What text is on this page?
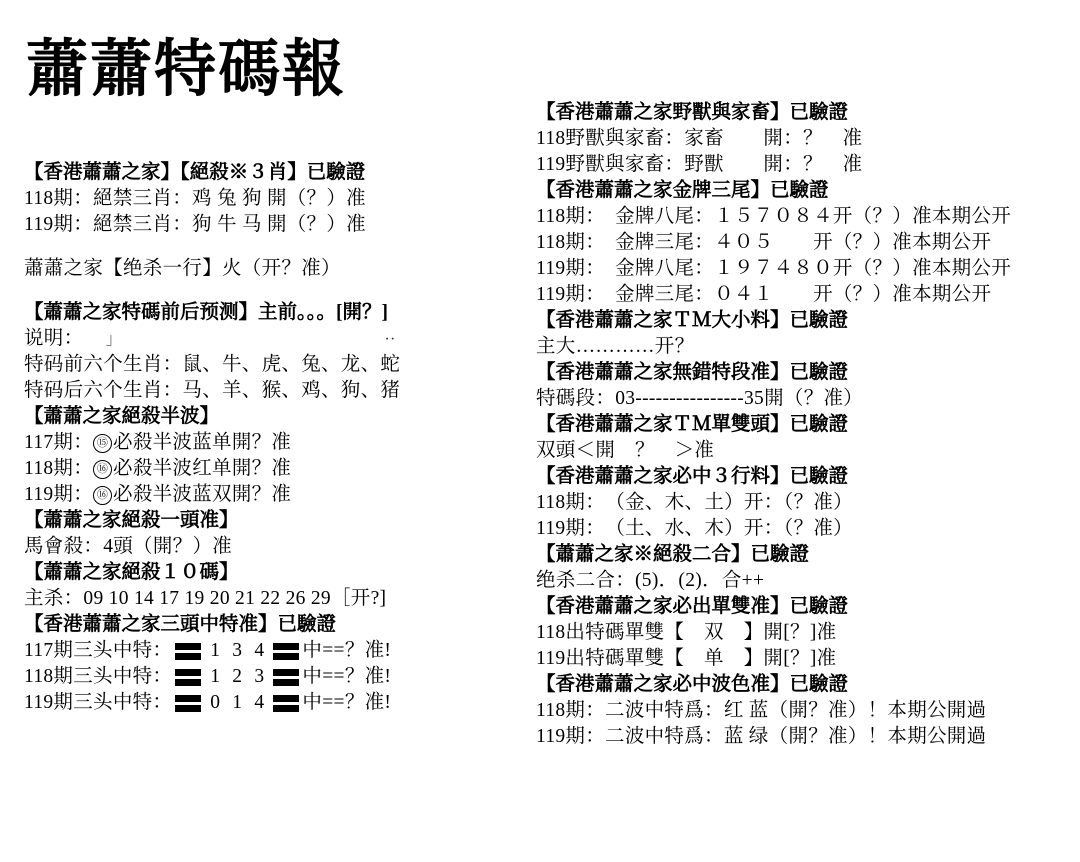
蕭蕭特碼報
【香港蕭蕭之家】【絕殺※３肖】已驗證
118期：絕禁三肖：鸡 兔 狗 開（？）准
119期：絕禁三肖：狗 牛 马 開（？）准
蕭蕭之家【绝杀一行】火（开？准）
【蕭蕭之家特碼前后预测】主前。。。[開？]
说明：     」                                                             ··
特码前六个生肖：鼠、牛、虎、兔、龙、蛇
特码后六个生肖：马、羊、猴、鸡、狗、猪
【蕭蕭之家絕殺半波】
117期： ⑮ 必殺半波蓝单開？准
118期： ⑯ 必殺半波红单開？准
119期： ⑯ 必殺半波蓝双開？准
【蕭蕭之家絕殺一頭准】
馬會殺：4頭（開？）准
【蕭蕭之家絕殺１０碼】
主杀：09 10 14 17 19 20 21 22 26 29［开?]
【香港蕭蕭之家三頭中特准】已驗證
117期三头中特： 1 3 4 中==？准!
118期三头中特： 1 2 3 中==？准!
119期三头中特： 0 1 4 中==？准!
【香港蕭蕭之家野獸與家畜】已驗證
118野獸與家畜：家畜　　開：？　准
119野獸與家畜：野獸　　開：？　准
【香港蕭蕭之家金牌三尾】已驗證
118期：　金牌八尾：１５７０８４开（？）准本期公开
118期：　金牌三尾：４０５　　开（？）准本期公开
119期：　金牌八尾：１９７４８０开（？）准本期公开
119期：　金牌三尾：０４１　　开（？）准本期公开
【香港蕭蕭之家ＴＭ大小料】已驗證
主大…………开？
【香港蕭蕭之家無錯特段准】已驗證
特碼段：03----------------35開（？准）
【香港蕭蕭之家ＴＭ單雙頭】已驗證
双頭＜開　？　＞准
【香港蕭蕭之家必中３行料】已驗證
118期：　（金、木、土）开：（？准）
119期：　（土、水、木）开：（？准）
【蕭蕭之家※絕殺二合】已驗證
绝杀二合：(5)．(2)．合++
【香港蕭蕭之家必出單雙准】已驗證
118出特碼單雙【　双　】開[？]准
119出特碼單雙【　单　】開[？]准
【香港蕭蕭之家必中波色准】已驗證
118期：二波中特爲：红 蓝（開？准）！本期公開過
119期：二波中特爲：蓝 绿（開？准）！本期公開過
